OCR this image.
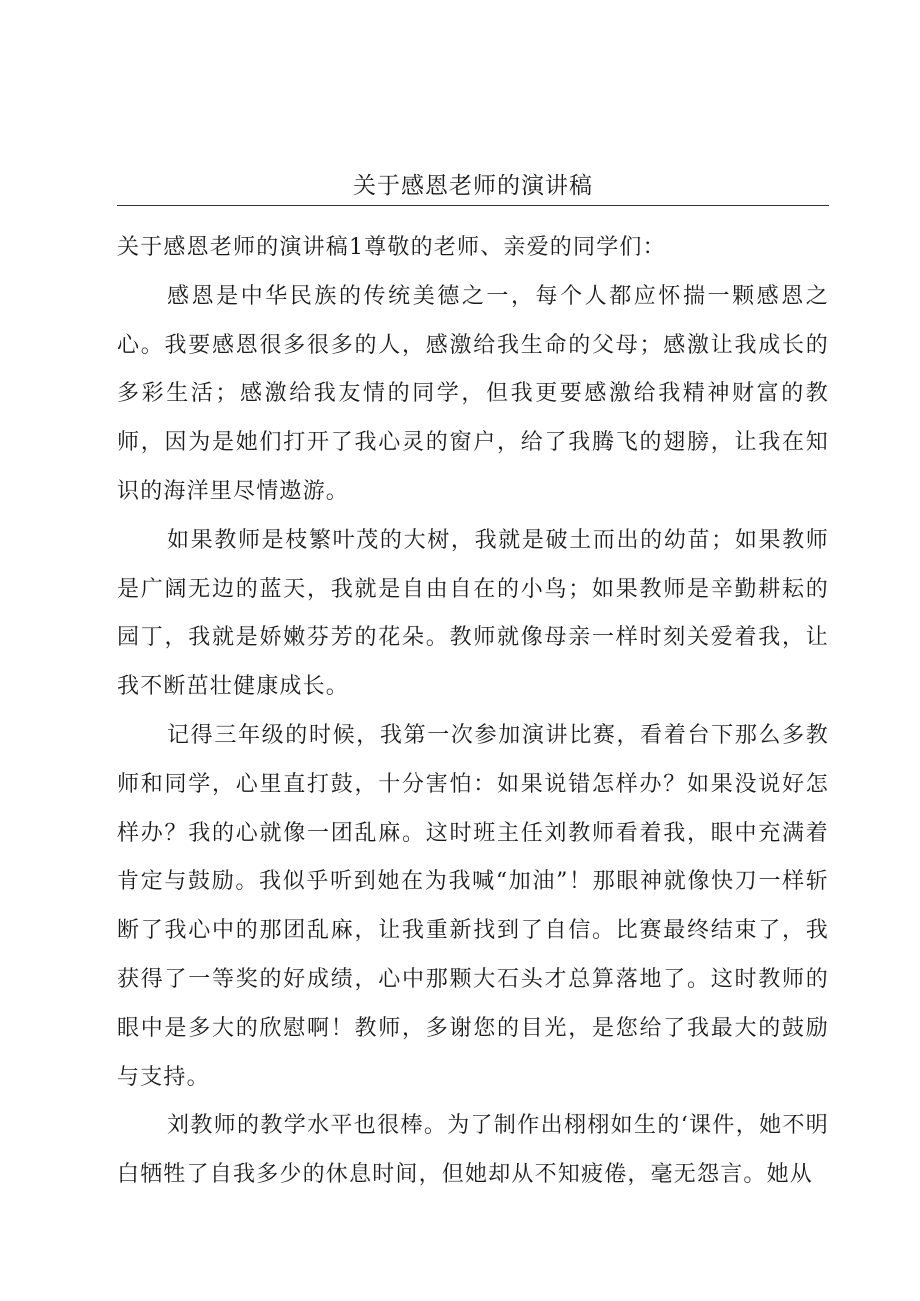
关于感恩老师的演讲稿

关于感恩老师的演讲稿1尊敬的老师、亲爱的同学们：

感恩是中华民族的传统美德之一，每个人都应怀揣一颗感恩之心。我要感恩很多很多的人，感激给我生命的父母；感激让我成长的多彩生活；感激给我友情的同学，但我更要感激给我精神财富的教师，因为是她们打开了我心灵的窗户，给了我腾飞的翅膀，让我在知识的海洋里尽情遨游。

如果教师是枝繁叶茂的大树，我就是破土而出的幼苗；如果教师是广阔无边的蓝天，我就是自由自在的小鸟；如果教师是辛勤耕耘的园丁，我就是娇嫩芬芳的花朵。教师就像母亲一样时刻关爱着我，让我不断茁壮健康成长。

记得三年级的时候，我第一次参加演讲比赛，看着台下那么多教师和同学，心里直打鼓，十分害怕：如果说错怎样办？如果没说好怎样办？我的心就像一团乱麻。这时班主任刘教师看着我，眼中充满着肯定与鼓励。我似乎听到她在为我喊“加油”！那眼神就像快刀一样斩断了我心中的那团乱麻，让我重新找到了自信。比赛最终结束了，我获得了一等奖的好成绩，心中那颗大石头才总算落地了。这时教师的眼中是多大的欣慰啊！教师，多谢您的目光，是您给了我最大的鼓励与支持。

刘教师的教学水平也很棒。为了制作出栩栩如生的‘课件，她不明白牺牲了自我多少的休息时间，但她却从不知疲倦，毫无怨言。她从
